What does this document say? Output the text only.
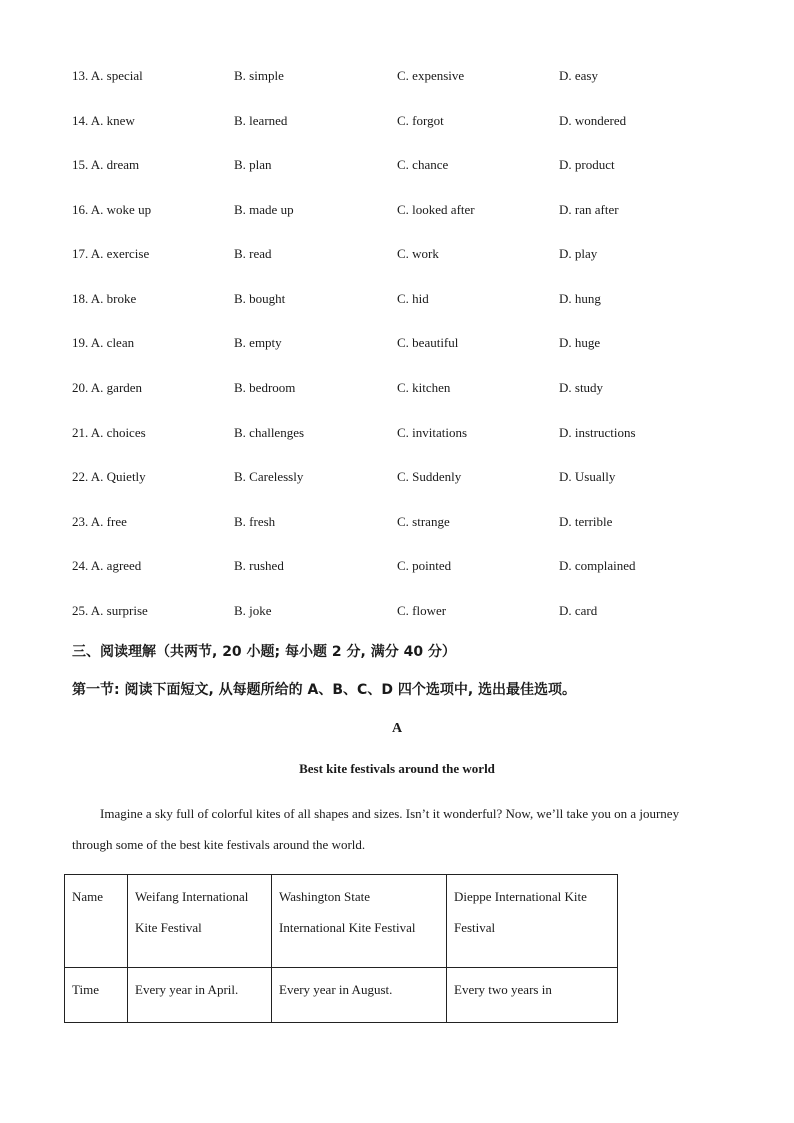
13. A. special	B. simple	C. expensive	D. easy
14. A. knew	B. learned	C. forgot	D. wondered
15. A. dream	B. plan	C. chance	D. product
16. A. woke up	B. made up	C. looked after	D. ran after
17. A. exercise	B. read	C. work	D. play
18. A. broke	B. bought	C. hid	D. hung
19. A. clean	B. empty	C. beautiful	D. huge
20. A. garden	B. bedroom	C. kitchen	D. study
21. A. choices	B. challenges	C. invitations	D. instructions
22. A. Quietly	B. Carelessly	C. Suddenly	D. Usually
23. A. free	B. fresh	C. strange	D. terrible
24. A. agreed	B. rushed	C. pointed	D. complained
25. A. surprise	B. joke	C. flower	D. card
三、阅读理解（共两节, 20 小题; 每小题 2 分, 满分 40 分）
第一节: 阅读下面短文, 从每题所给的 A、B、C、D 四个选项中, 选出最佳选项。
A
Best kite festivals around the world

Imagine a sky full of colorful kites of all shapes and sizes. Isn’t it wonderful? Now, we’ll take you on a journey through some of the best kite festivals around the world.

Name	Weifang International Kite Festival	Washington State International Kite Festival	Dieppe International Kite Festival
Time	Every year in April.	Every year in August.	Every two years in
